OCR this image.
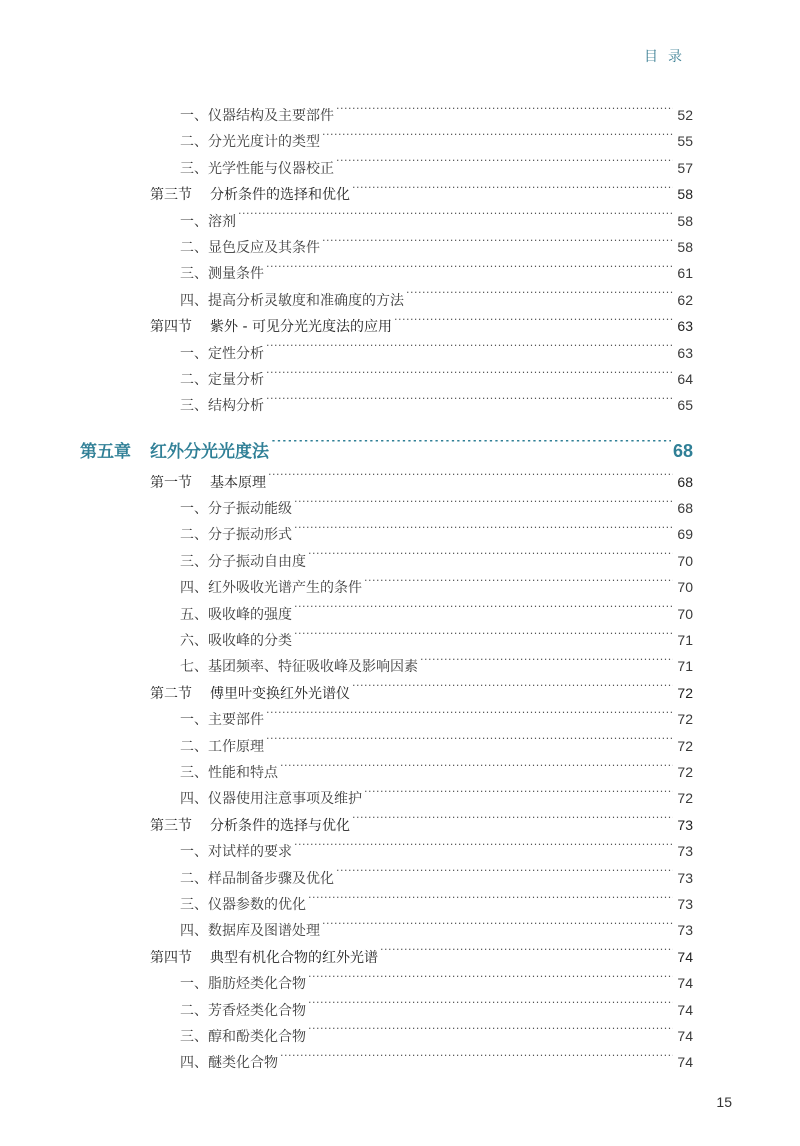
目录
一、仪器结构及主要部件 ·····	52
二、分光光度计的类型 ·····	55
三、光学性能与仪器校正 ·····	57
第三节	分析条件的选择和优化 ·····	58
一、溶剂 ·····	58
二、显色反应及其条件 ·····	58
三、测量条件 ·····	61
四、提高分析灵敏度和准确度的方法 ·····	62
第四节	紫外 - 可见分光光度法的应用 ·····	63
一、定性分析 ·····	63
二、定量分析 ·····	64
三、结构分析 ·····	65
第五章	红外分光光度法 ·····	68
第一节	基本原理 ·····	68
一、分子振动能级 ·····	68
二、分子振动形式 ·····	69
三、分子振动自由度 ·····	70
四、红外吸收光谱产生的条件 ·····	70
五、吸收峰的强度 ·····	70
六、吸收峰的分类 ·····	71
七、基团频率、特征吸收峰及影响因素 ·····	71
第二节	傅里叶变换红外光谱仪 ·····	72
一、主要部件 ·····	72
二、工作原理 ·····	72
三、性能和特点 ·····	72
四、仪器使用注意事项及维护 ·····	72
第三节	分析条件的选择与优化 ·····	73
一、对试样的要求 ·····	73
二、样品制备步骤及优化 ·····	73
三、仪器参数的优化 ·····	73
四、数据库及图谱处理 ·····	73
第四节	典型有机化合物的红外光谱 ·····	74
一、脂肪烃类化合物 ·····	74
二、芳香烃类化合物 ·····	74
三、醇和酚类化合物 ·····	74
四、醚类化合物 ·····	74
15
